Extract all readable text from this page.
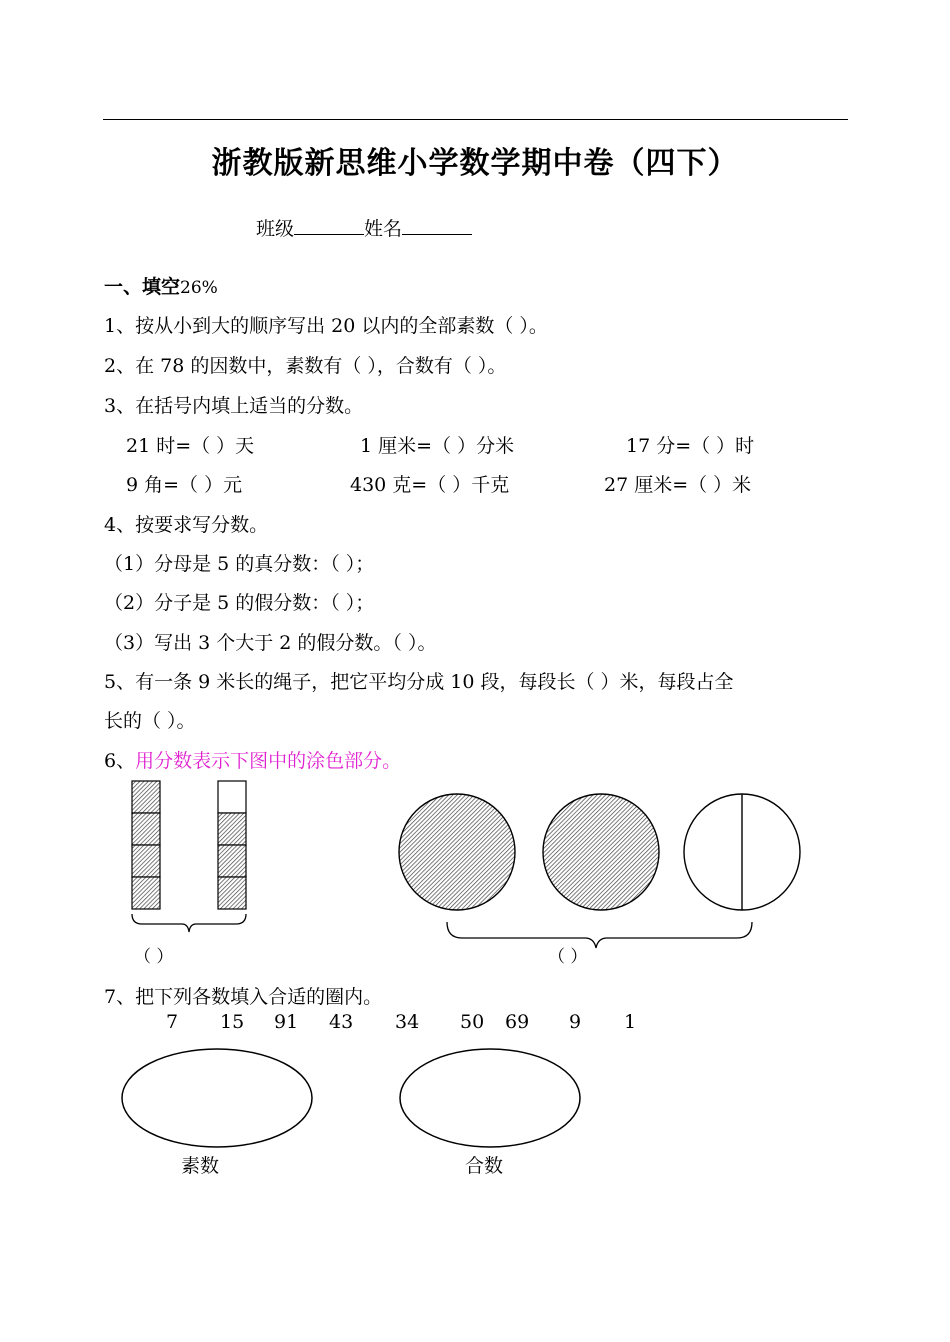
浙教版新思维小学数学期中卷（四下）
班级	姓名
一、填空26%
1、按从小到大的顺序写出 20 以内的全部素数（ ）。
2、在 78 的因数中，素数有（ ），合数有（ ）。
3、在括号内填上适当的分数。
21 时=（ ）天	1 厘米=（ ）分米	17 分=（ ）时
9 角=（ ）元	430 克=（ ）千克	27 厘米=（ ）米
4、按要求写分数。
（1）分母是 5 的真分数：（ ）；
（2）分子是 5 的假分数：（ ）；
（3）写出 3 个大于 2 的假分数。（ ）。
5、有一条 9 米长的绳子，把它平均分成 10 段，每段长（ ）米，每段占全
长的（ ）。
6、用分数表示下图中的涂色部分。
（ ）	（ ）
7、把下列各数填入合适的圈内。
7 15 91 43 34 50 69 9 1
素数	合数
